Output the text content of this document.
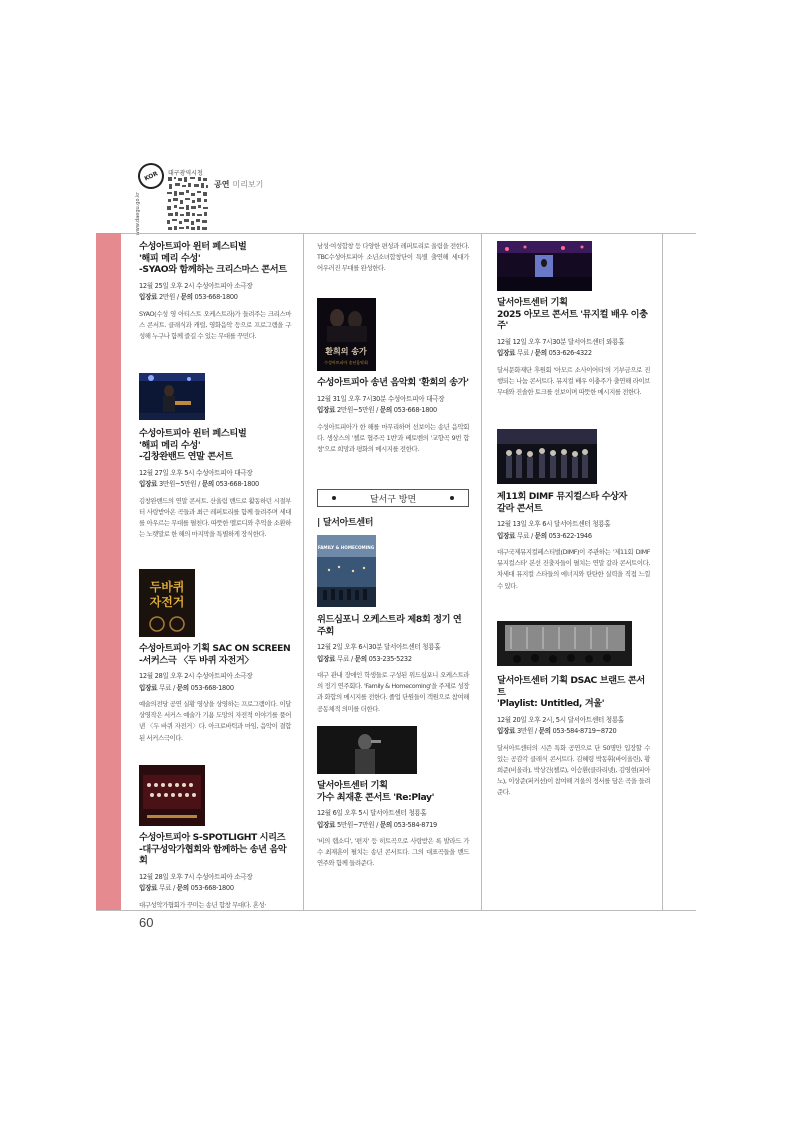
KOR
www.daegu.go.kr
대구광역시청
공연 미리보기
60
수성아트피아 윈터 페스티벌
'해피 메리 수성'
-SYAO와 함께하는 크리스마스 콘서트
12월 25일 오후 2시 수성아트피아 소극장
입장료 2만원 / 문의 053-668-1800
SYAO(수성 영 아티스트 오케스트라)가 들려주는 크리스마스 콘서트. 클래식과 캐럴, 영화음악 등으로 프로그램을 구성해 누구나 함께 즐길 수 있는 무대를 꾸민다.
수성아트피아 윈터 페스티벌
'해피 메리 수성'
-김창완밴드 연말 콘서트
12월 27일 오후 5시 수성아트피아 대극장
입장료 3만원~5만원 / 문의 053-668-1800
김창완밴드의 연말 콘서트. 산울림 밴드로 활동하던 시절부터 사랑받아온 곡들과 최근 레퍼토리를 함께 들려주며 세대를 아우르는 무대를 펼친다. 따뜻한 멜로디와 추억을 소환하는 노랫말로 한 해의 마지막을 특별하게 장식한다.
두바퀴
자전거
수성아트피아 기획 SAC ON SCREEN
-서커스극 〈두 바퀴 자전거〉
12월 28일 오후 2시 수성아트피아 소극장
입장료 무료 / 문의 053-668-1800
예술의전당 공연 실황 영상을 상영하는 프로그램이다. 이달 상영작은 서커스 예술가 기욤 도망의 자전적 이야기를 풀어낸 〈두 바퀴 자전거〉다. 아크로바틱과 마임, 음악이 결합된 서커스극이다.
수성아트피아 S-SPOTLIGHT 시리즈
-대구성악가협회와 함께하는 송년 음악회
12월 28일 오후 7시 수성아트피아 소극장
입장료 무료 / 문의 053-668-1800
대구성악가협회가 꾸미는 송년 합창 무대다. 혼성·
남성·여성합창 등 다양한 편성과 레퍼토리로 울림을 전한다. TBC수성아트피아 소년소녀합창단이 특별 출연해 세대가 어우러진 무대를 완성한다.
환희의 송가
수성아트피아 송년음악회
수성아트피아 송년 음악회 '환희의 송가'
12월 31일 오후 7시30분 수성아트피아 대극장
입장료 2만원~5만원 / 문의 053-668-1800
수성아트피아가 한 해를 마무리하며 선보이는 송년 음악회다. 생상스의 '첼로 협주곡 1번'과 베토벤의 '교향곡 9번 합창'으로 희망과 평화의 메시지를 전한다.
달서구 방면
| 달서아트센터
FAMILY & HOMECOMING
위드심포니 오케스트라 제8회 정기 연주회
12월 2일 오후 6시30분 달서아트센터 청룡홀
입장료 무료 / 문의 053-235-5232
대구 관내 장애인 학생들로 구성된 위드심포니 오케스트라의 정기 연주회다. 'Family & Homecoming'을 주제로 성장과 화합의 메시지를 전한다. 졸업 단원들이 객원으로 참여해 공동체적 의미를 더한다.
달서아트센터 기획
가수 최재훈 콘서트 'Re:Play'
12월 6일 오후 5시 달서아트센터 청룡홀
입장료 5만원~7만원 / 문의 053-584-8719
'비의 랩소디', '편지' 등 히트곡으로 사랑받은 록 발라드 가수 최재훈이 펼치는 송년 콘서트다. 그의 대표곡들을 밴드 연주와 함께 들려준다.
달서아트센터 기획
2025 아모르 콘서트 '뮤지컬 배우 이충주'
12월 12일 오후 7시30분 달서아트센터 와룡홀
입장료 무료 / 문의 053-626-4322
달서문화재단 후원회 '아모르 소사이어티'의 기부금으로 진행되는 나눔 콘서트다. 뮤지컬 배우 이충주가 출연해 라이브 무대와 진솔한 토크를 선보이며 따뜻한 메시지를 전한다.
제11회 DIMF 뮤지컬스타 수상자
갈라 콘서트
12월 13일 오후 6시 달서아트센터 청룡홀
입장료 무료 / 문의 053-622-1946
대구국제뮤지컬페스티벌(DIMF)이 주관하는 '제11회 DIMF 뮤지컬스타' 본선 진출자들이 펼치는 연말 갈라 콘서트이다. 차세대 뮤지컬 스타들의 에너지와 탄탄한 실력을 직접 느낄 수 있다.
달서아트센터 기획 DSAC 브랜드 콘서트
'Playlist: Untitled, 겨울'
12월 20일 오후 2시, 5시 달서아트센터 청룡홀
입장료 3만원 / 문의 053-584-8719~8720
달서아트센터의 시즌 특화 공연으로 단 50명만 입장할 수 있는 공감각 클래식 콘서트다. 김혜령 박동휘(바이올린), 황희준(비올라), 박상건(첼로), 이승환(클라리넷), 김영현(피아노), 이상준(퍼커션)이 참여해 겨울의 정서를 담은 곡을 들려준다.
